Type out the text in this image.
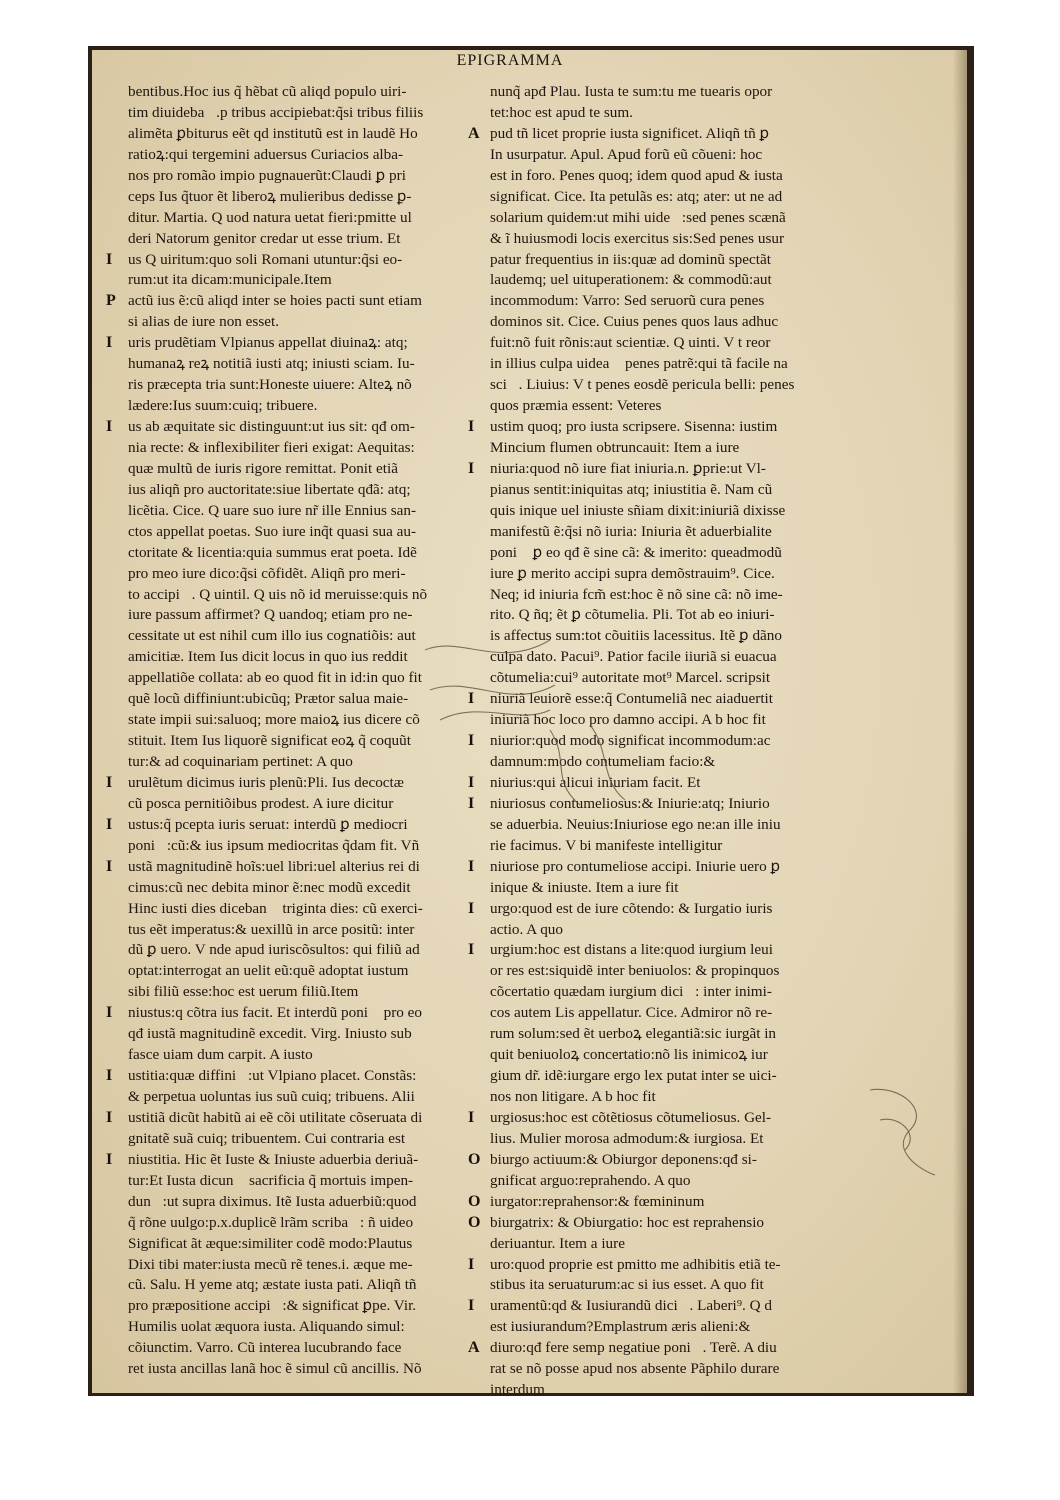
EPIGRAMMA
bentibus.Hoc ius q̃ hẽbat cũ aliqd populo uiri-
tim diuidebaᷓ.p tribus accipiebat:q̃si tribus filiis
alimẽta ꝑbiturus eẽt qd institutũ est in laudẽ Ho
ratioꝝ:qui tergemini aduersus Curiacios alba-
nos pro romão impio pugnauerũt:Claudi ꝑ pri
ceps Ius q̃tuor ẽt liberoꝝ mulieribus dedisse ꝑ-
ditur. Martia. Q uod natura uetat fieri:pmitte ul
deri Natorum genitor credar ut esse trium. Et
I us Q uiritum:quo soli Romani utuntur:q̃si eo-
rum:ut ita dicam:municipale.Item
P actũ ius ẽ:cũ aliqd inter se hoies pacti sunt etiam
si alias de iure non esset.
I uris prudẽtiam Vlpianus appellat diuinaꝝ: atq;
humanaꝝ reꝝ notitiã iusti atq; iniusti sciam. Iu-
ris præcepta tria sunt:Honeste uiuere: Alteꝝ nõ
lædere:Ius suum:cuiq; tribuere.
I us ab æquitate sic distinguunt:ut ius sit: qđ om-
nia recte: & inflexibiliter fieri exigat: Aequitas:
quæ multũ de iuris rigore remittat. Ponit etiã
ius aliqñ pro auctoritate:siue libertate qđã: atq;
licẽtia. Cice. Q uare suo iure nr̃ ille Ennius san-
ctos appellat poetas. Suo iure inq̃t quasi sua au-
ctoritate & licentia:quia summus erat poeta. Idẽ
pro meo iure dico:q̃si cõfidẽt. Aliqñ pro meri-
to accipiᷓ. Q uintil. Q uis nõ id meruisse:quis nõ
iure passum affirmet? Q uandoq; etiam pro ne-
cessitate ut est nihil cum illo ius cognatiõis: aut
amicitiæ. Item Ius dicit locus in quo ius reddit
appellatiõe collata: ab eo quod fit in id:in quo fit
quẽ locũ diffiniunt:ubicũq; Prætor salua maie-
state impii sui:saluoq; more maioꝝ ius dicere cõ
stituit. Item Ius liquorẽ significat eoꝝ q̃ coquũt
tur:& ad coquinariam pertinet: A quo
I urulẽtum dicimus iuris plenũ:Pli. Ius decoctæ
cũ posca pernitiõibus prodest. A iure dicitur
I ustus:q̃ pcepta iuris seruat: interdũ ꝑ mediocri
poniᷓ:cũ:& ius ipsum mediocritas q̃dam fit. Vñ
I ustã magnitudinẽ hoĩs:uel libri:uel alterius rei di
cimus:cũ nec debita minor ẽ:nec modũ excedit
Hinc iusti dies dicebanᷓ triginta dies: cũ exerci-
tus eẽt imperatus:& uexillũ in arce positũ: inter
dũ ꝑ uero. V nde apud iuriscõsultos: qui filiũ ad
optat:interrogat an uelit eũ:quẽ adoptat iustum
sibi filiũ esse:hoc est uerum filiũ.Item
I niustus:q cõtra ius facit. Et interdũ poniᷓ pro eo
qđ iustã magnitudinẽ excedit. Virg. Iniusto sub
fasce uiam dum carpit. A iusto
I ustitia:quæ diffiniᷓ:ut Vlpiano placet. Constãs:
& perpetua uoluntas ius suũ cuiq; tribuens. Alii
I ustitiã dicũt habitũ ai eẽ cõi utilitate cõseruata di
gnitatẽ suã cuiq; tribuentem. Cui contraria est
I niustitia. Hic ẽt Iuste & Iniuste aduerbia deriuã-
tur:Et Iusta dicunᷓ sacrificia q̃ mortuis impen-
dunᷓ:ut supra diximus. Itẽ Iusta aduerbiũ:quod
q̃ rõne uulgo:p.x.duplicẽ lrãm scribaᷓ: ñ uideo
Significat ãt æque:similiter codẽ modo:Plautus
Dixi tibi mater:iusta mecũ rẽ tenes.i. æque me-
cũ. Salu. H yeme atq; æstate iusta pati. Aliqñ tñ
pro præpositione accipiᷓ:& significat ꝑpe. Vir.
Humilis uolat æquora iusta. Aliquando simul:
cõiunctim. Varro. Cũ interea lucubrando face
ret iusta ancillas lanã hoc ẽ simul cũ ancillis. Nõ
nunq̃ apđ Plau. Iusta te sum:tu me tuearis opor
tet:hoc est apud te sum.
A pud tñ licet proprie iusta significet. Aliqñ tñ ꝑ
In usurpatur. Apul. Apud forũ eũ cõueni: hoc
est in foro. Penes quoq; idem quod apud & iusta
significat. Cice. Ita petulãs es: atq; ater: ut ne ad
solarium quidem:ut mihi uideᷓ:sed penes scænã
& ĩ huiusmodi locis exercitus sis:Sed penes usur
patur frequentius in iis:quæ ad dominũ spectãt
laudemq; uel uituperationem: & commodũ:aut
incommodum: Varro: Sed seruorũ cura penes
dominos sit. Cice. Cuius penes quos laus adhuc
fuit:nõ fuit rõnis:aut scientiæ. Q uinti. V t reor
in illius culpa uideaᷓ penes patrẽ:qui tã facile na
sciᷓ. Liuius: V t penes eosdẽ pericula belli: penes
quos præmia essent: Veteres
I ustim quoq; pro iusta scripsere. Sisenna: iustim
Mincium flumen obtruncauit: Item a iure
I niuria:quod nõ iure fiat iniuria.n. ꝑprie:ut Vl-
pianus sentit:iniquitas atq; iniustitia ẽ. Nam cũ
quis inique uel iniuste sñiam dixit:iniuriã dixisse
manifestũ ẽ:q̃si nõ iuria: Iniuria ẽt aduerbialiteᷓ
poniᷓ ꝑ eo qđ ẽ sine cã: & imerito: queadmodũ
iure ꝑ merito accipi supra demõstrauim⁹. Cice.
Neq; id iniuria fcm̃ est:hoc ẽ nõ sine cã: nõ ime-
rito. Q ñq; ẽt ꝑ cõtumelia. Pli. Tot ab eo iniuri-
is affectus sum:tot cõuitiis lacessitus. Itẽ ꝑ dãno
culpa dato. Pacui⁹. Patior facile iiuriã si euacua
cõtumelia:cui⁹ autoritate mot⁹ Marcel. scripsit
I niuriã leuiorẽ esse:q̃ Contumeliã nec aiaduertit
iniuriã hoc loco pro damno accipi. A b hoc fit
I niurior:quod modo significat incommodum:ac
damnum:modo contumeliam facio:&
I niurius:qui alicui iniuriam facit. Et
I niuriosus contumeliosus:& Iniurie:atq; Iniurio
se aduerbia. Neuius:Iniuriose ego ne:an ille iniu
rie facimus. V bi manifeste intelligitur
I niuriose pro contumeliose accipi. Iniurie uero ꝑ
inique & iniuste. Item a iure fit
I urgo:quod est de iure cõtendo: & Iurgatio iuris
actio. A quo
I urgium:hoc est distans a lite:quod iurgium leui
or res est:siquidẽ inter beniuolos: & propinquos
cõcertatio quædam iurgium diciᷓ: inter inimi-
cos autem Lis appellatur. Cice. Admiror nõ re-
rum solum:sed ẽt uerboꝝ elegantiã:sic iurgãt in
quit beniuoloꝝ concertatio:nõ lis inimicoꝝ iur
gium dr̃. idẽ:iurgare ergo lex putat inter se uici-
nos non litigare. A b hoc fit
I urgiosus:hoc est cõtẽtiosus cõtumeliosus. Gel-
lius. Mulier morosa admodum:& iurgiosa. Et
O biurgo actiuum:& Obiurgor deponens:qđ si-
gnificat arguo:reprahendo. A quo
O iurgator:reprahensor:& fœmininum
O biurgatrix: & Obiurgatio: hoc est reprahensio
deriuantur. Item a iure
I uro:quod proprie est pmitto me adhibitis etiã te-
stibus ita seruaturum:ac si ius esset. A quo fit
I uramentũ:qd & Iusiurandũ diciᷓ. Laberi⁹. Q d
est iusiurandum?Emplastrum æris alieni:&
A diuro:qđ fere semp negatiue poniᷓ. Terẽ. A diu
rat se nõ posse apud nos absente Pãphilo durare
interdum
